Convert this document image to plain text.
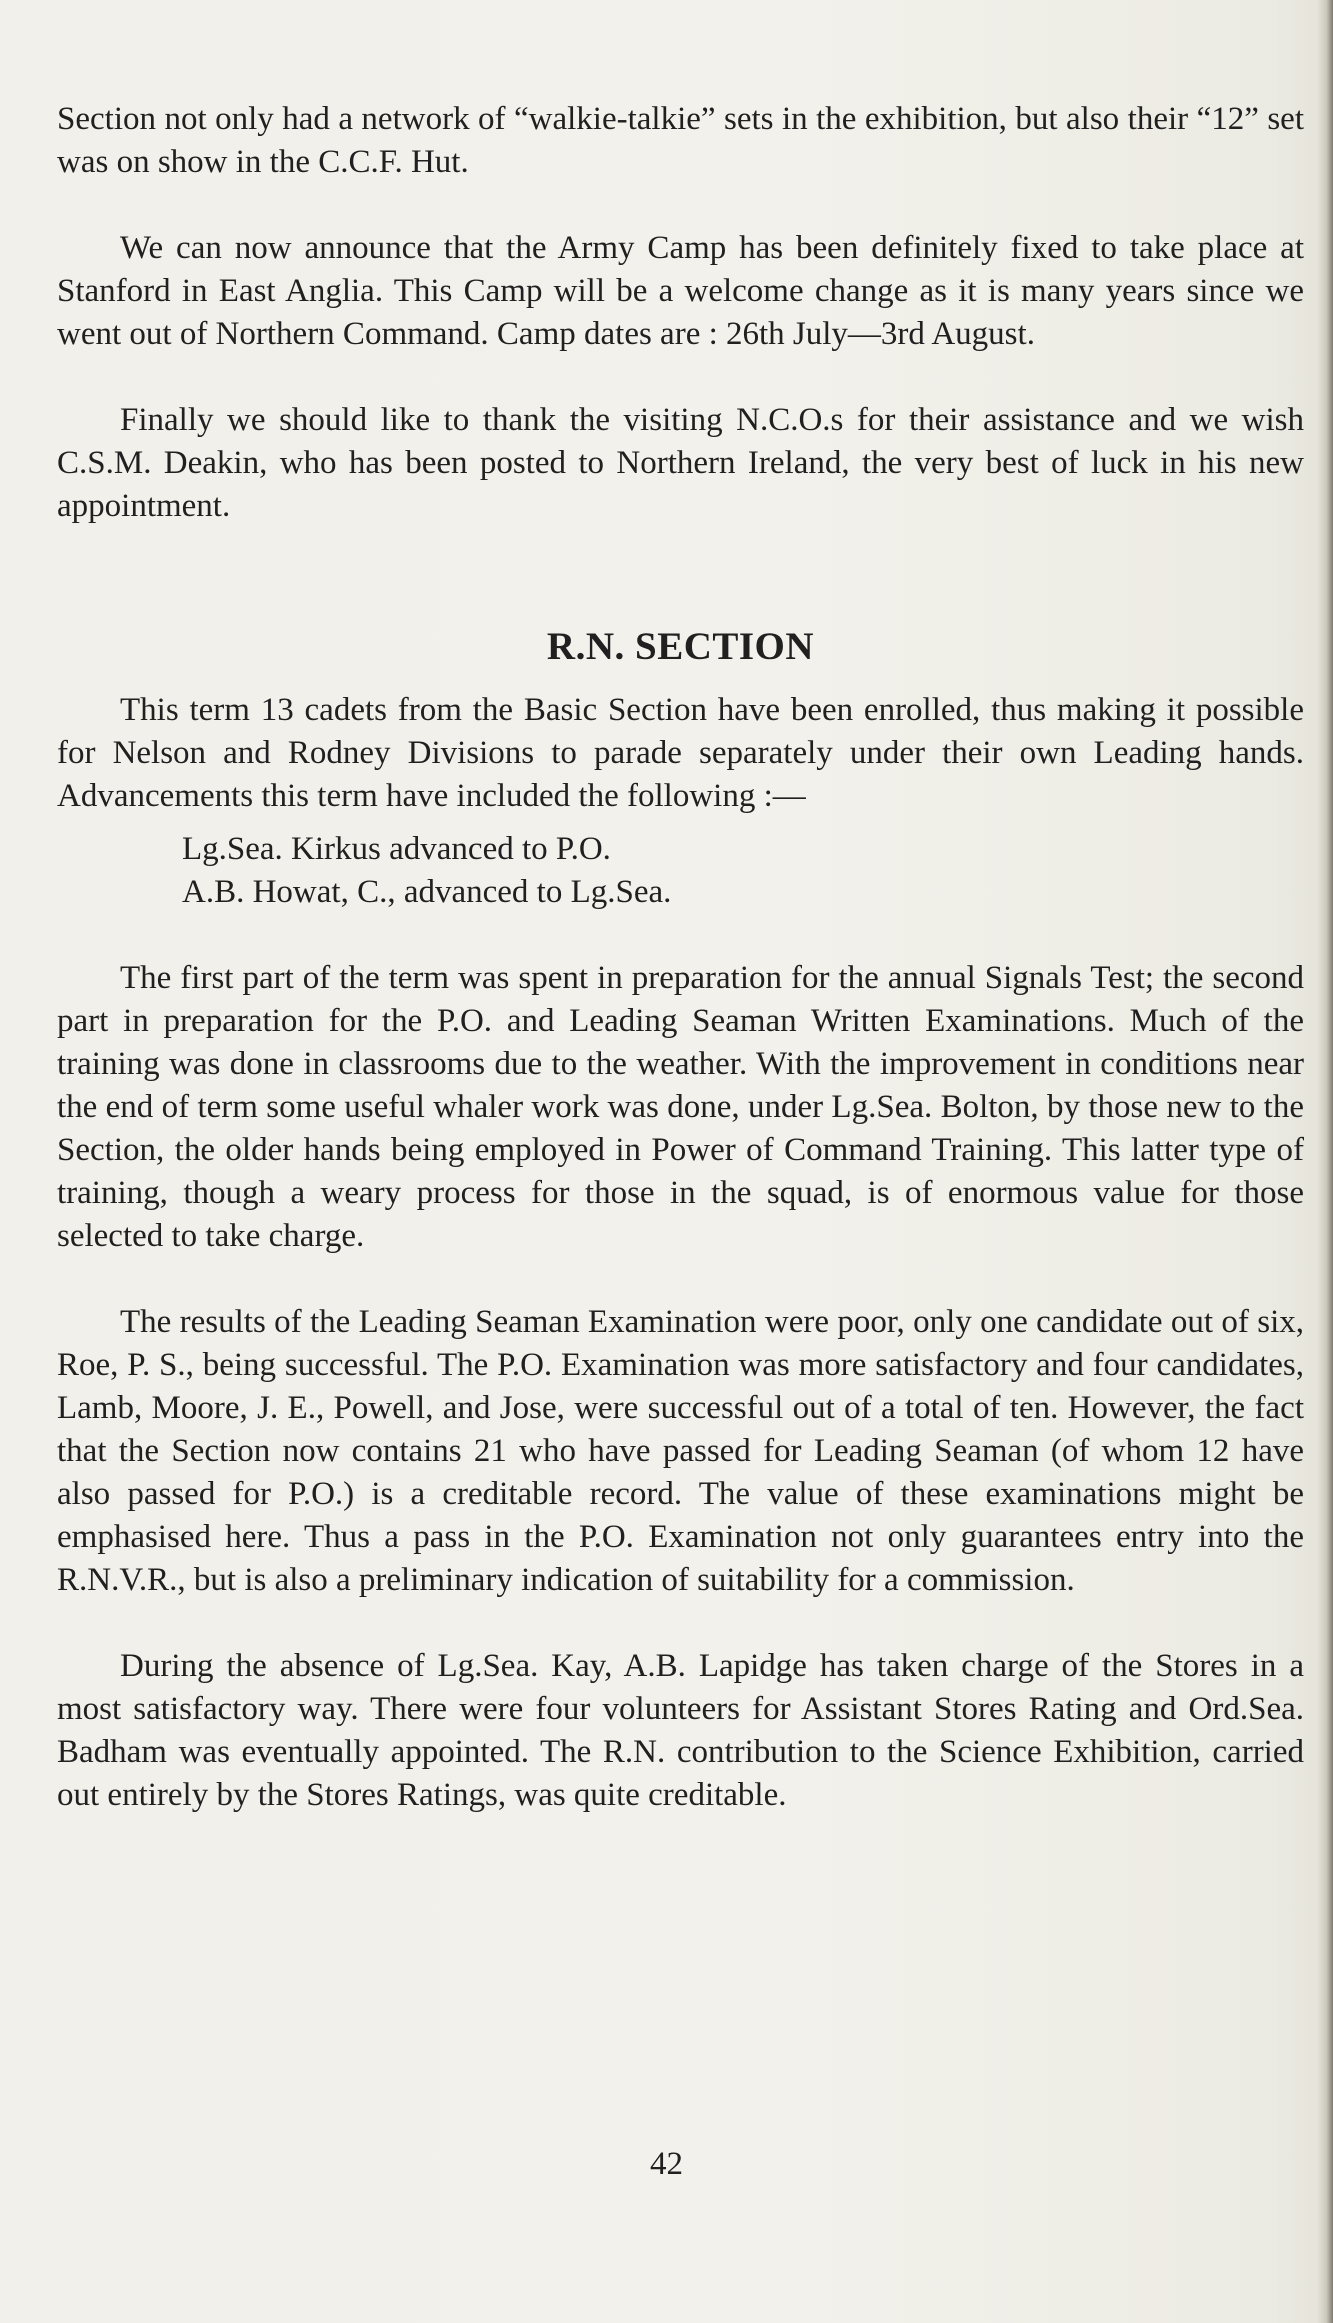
Section not only had a network of “walkie-talkie” sets in the exhibition, but also their “12” set was on show in the C.C.F. Hut.

We can now announce that the Army Camp has been definitely fixed to take place at Stanford in East Anglia. This Camp will be a welcome change as it is many years since we went out of Northern Command. Camp dates are : 26th July—3rd August.

Finally we should like to thank the visiting N.C.O.s for their assistance and we wish C.S.M. Deakin, who has been posted to Northern Ireland, the very best of luck in his new appointment.

R.N. SECTION

This term 13 cadets from the Basic Section have been enrolled, thus making it possible for Nelson and Rodney Divisions to parade separately under their own Leading hands. Advancements this term have included the following :—

Lg.Sea. Kirkus advanced to P.O.
A.B. Howat, C., advanced to Lg.Sea.

The first part of the term was spent in preparation for the annual Signals Test; the second part in preparation for the P.O. and Leading Seaman Written Examinations. Much of the training was done in classrooms due to the weather. With the improvement in conditions near the end of term some useful whaler work was done, under Lg.Sea. Bolton, by those new to the Section, the older hands being employed in Power of Command Training. This latter type of training, though a weary process for those in the squad, is of enormous value for those selected to take charge.

The results of the Leading Seaman Examination were poor, only one candidate out of six, Roe, P. S., being successful. The P.O. Examination was more satisfactory and four candidates, Lamb, Moore, J. E., Powell, and Jose, were successful out of a total of ten. However, the fact that the Section now contains 21 who have passed for Leading Seaman (of whom 12 have also passed for P.O.) is a creditable record. The value of these examinations might be emphasised here. Thus a pass in the P.O. Examination not only guarantees entry into the R.N.V.R., but is also a preliminary indication of suitability for a commission.

During the absence of Lg.Sea. Kay, A.B. Lapidge has taken charge of the Stores in a most satisfactory way. There were four volunteers for Assistant Stores Rating and Ord.Sea. Badham was eventually appointed. The R.N. contribution to the Science Exhibition, carried out entirely by the Stores Ratings, was quite creditable.

42
